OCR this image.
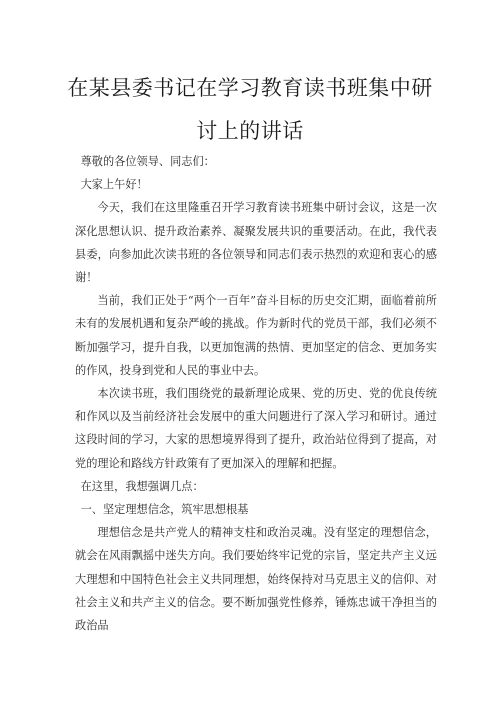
在某县委书记在学习教育读书班集中研
讨上的讲话

尊敬的各位领导、同志们：

大家上午好！

今天，我们在这里隆重召开学习教育读书班集中研讨会议，这是一次深化思想认识、提升政治素养、凝聚发展共识的重要活动。在此，我代表县委，向参加此次读书班的各位领导和同志们表示热烈的欢迎和衷心的感谢！

当前，我们正处于“两个一百年”奋斗目标的历史交汇期，面临着前所未有的发展机遇和复杂严峻的挑战。作为新时代的党员干部，我们必须不断加强学习，提升自我，以更加饱满的热情、更加坚定的信念、更加务实的作风，投身到党和人民的事业中去。

本次读书班，我们围绕党的最新理论成果、党的历史、党的优良传统和作风以及当前经济社会发展中的重大问题进行了深入学习和研讨。通过这段时间的学习，大家的思想境界得到了提升，政治站位得到了提高，对党的理论和路线方针政策有了更加深入的理解和把握。

在这里，我想强调几点：

一、坚定理想信念，筑牢思想根基

理想信念是共产党人的精神支柱和政治灵魂。没有坚定的理想信念，就会在风雨飘摇中迷失方向。我们要始终牢记党的宗旨，坚定共产主义远大理想和中国特色社会主义共同理想，始终保持对马克思主义的信仰、对社会主义和共产主义的信念。要不断加强党性修养，锤炼忠诚干净担当的政治品
